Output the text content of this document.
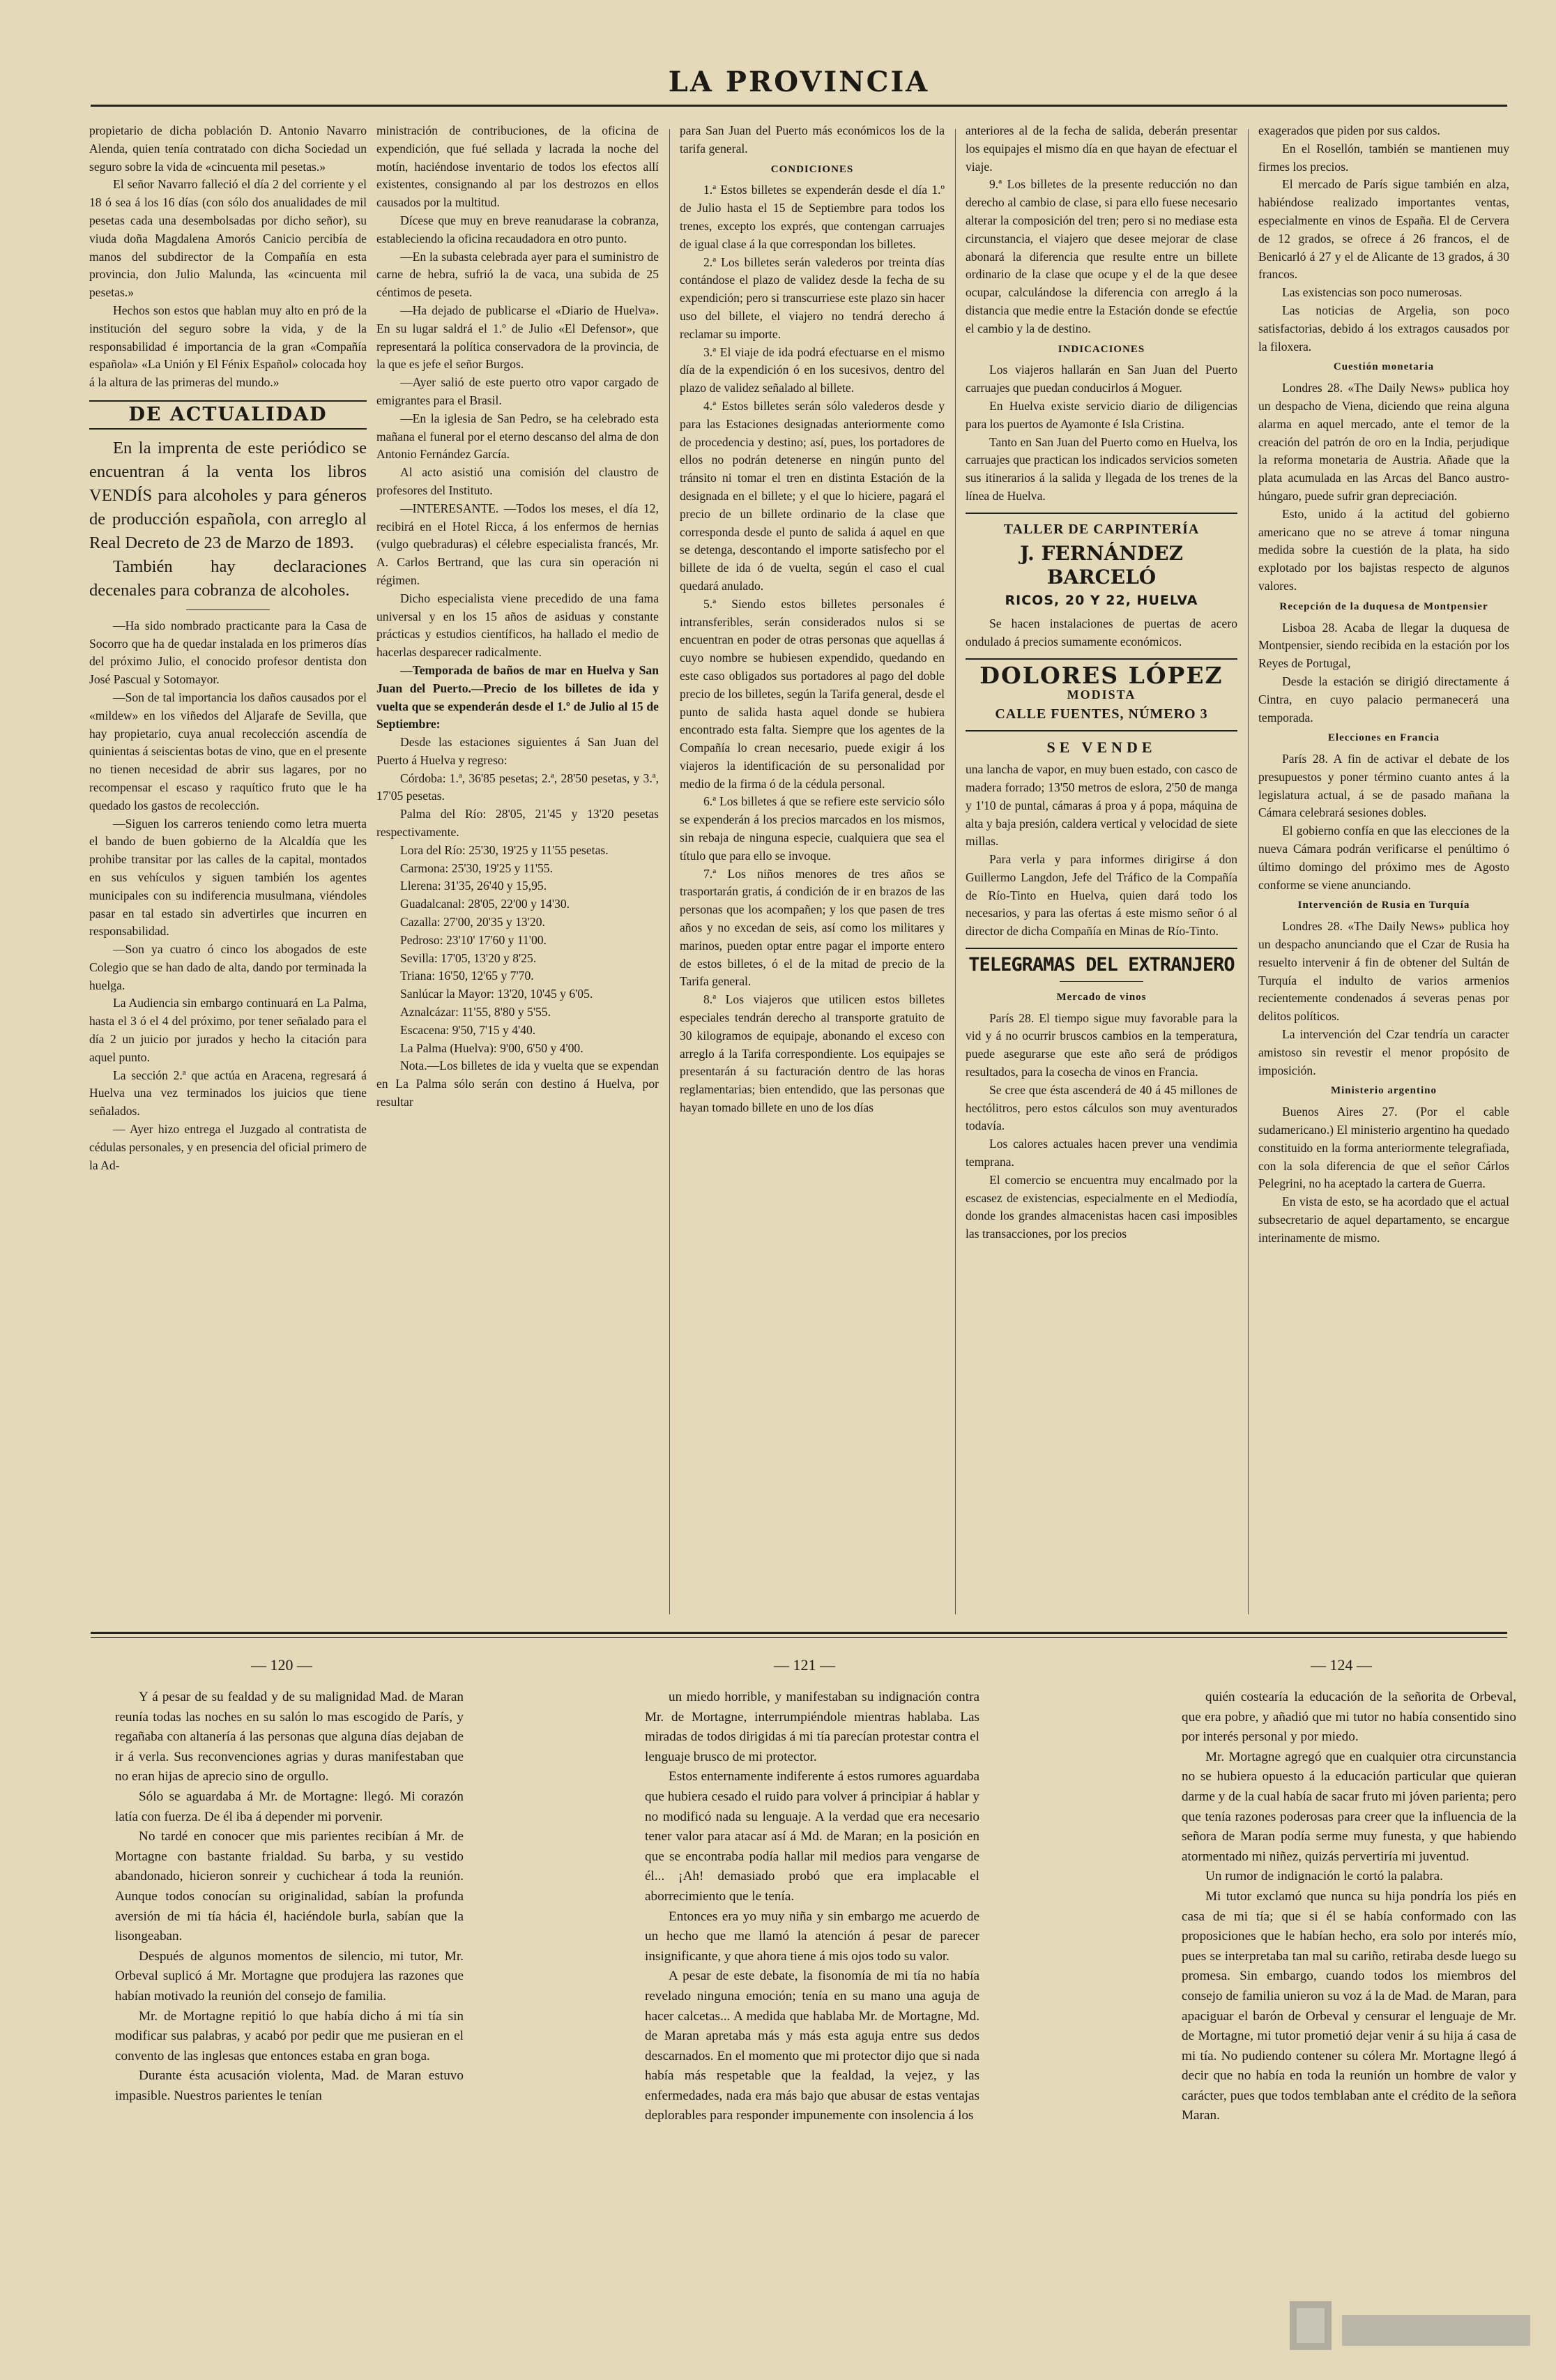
LA PROVINCIA

propietario de dicha población D. Antonio Navarro Alenda, quien tenía contratado con dicha Sociedad un seguro sobre la vida de «cincuenta mil pesetas.»

El señor Navarro falleció el día 2 del corriente y el 18 ó sea á los 16 días (con sólo dos anualidades de mil pesetas cada una desembolsadas por dicho señor), su viuda doña Magdalena Amorós Canicio percibía de manos del subdirector de la Compañía en esta provincia, don Julio Malunda, las «cincuenta mil pesetas.»

Hechos son estos que hablan muy alto en pró de la institución del seguro sobre la vida, y de la responsabilidad é importancia de la gran «Compañía española» «La Unión y El Fénix Español» colocada hoy á la altura de las primeras del mundo.»

DE ACTUALIDAD

En la imprenta de este periódico se encuentran á la venta los libros VENDÍS para alcoholes y para géneros de producción española, con arreglo al Real Decreto de 23 de Marzo de 1893.

También hay declaraciones decenales para cobranza de alcoholes.

—Ha sido nombrado practicante para la Casa de Socorro que ha de quedar instalada en los primeros días del próximo Julio, el conocido profesor dentista don José Pascual y Sotomayor.

—Son de tal importancia los daños causados por el «mildew» en los viñedos del Aljarafe de Sevilla, que hay propietario, cuya anual recolección ascendía de quinientas á seiscientas botas de vino, que en el presente no tienen necesidad de abrir sus lagares, por no recompensar el escaso y raquítico fruto que le ha quedado los gastos de recolección.

—Siguen los carreros teniendo como letra muerta el bando de buen gobierno de la Alcaldía que les prohibe transitar por las calles de la capital, montados en sus vehículos y siguen también los agentes municipales con su indiferencia musulmana, viéndoles pasar en tal estado sin advertirles que incurren en responsabilidad.

—Son ya cuatro ó cinco los abogados de este Colegio que se han dado de alta, dando por terminada la huelga.

La Audiencia sin embargo continuará en La Palma, hasta el 3 ó el 4 del próximo, por tener señalado para el día 2 un juicio por jurados y hecho la citación para aquel punto.

La sección 2.ª que actúa en Aracena, regresará á Huelva una vez terminados los juicios que tiene señalados.

— Ayer hizo entrega el Juzgado al contratista de cédulas personales, y en presencia del oficial primero de la Ad-

ministración de contribuciones, de la oficina de expendición, que fué sellada y lacrada la noche del motín, haciéndose inventario de todos los efectos allí existentes, consignando al par los destrozos en ellos causados por la multitud.

Dícese que muy en breve reanudarase la cobranza, estableciendo la oficina recaudadora en otro punto.

—En la subasta celebrada ayer para el suministro de carne de hebra, sufrió la de vaca, una subida de 25 céntimos de peseta.

—Ha dejado de publicarse el «Diario de Huelva». En su lugar saldrá el 1.º de Julio «El Defensor», que representará la política conservadora de la provincia, de la que es jefe el señor Burgos.

—Ayer salió de este puerto otro vapor cargado de emigrantes para el Brasil.

—En la iglesia de San Pedro, se ha celebrado esta mañana el funeral por el eterno descanso del alma de don Antonio Fernández García.

Al acto asistió una comisión del claustro de profesores del Instituto.

—INTERESANTE. —Todos los meses, el día 12, recibirá en el Hotel Ricca, á los enfermos de hernias (vulgo quebraduras) el célebre especialista francés, Mr. A. Carlos Bertrand, que las cura sin operación ni régimen.

Dicho especialista viene precedido de una fama universal y en los 15 años de asiduas y constante prácticas y estudios científicos, ha hallado el medio de hacerlas desparecer radicalmente.

—Temporada de baños de mar en Huelva y San Juan del Puerto.—Precio de los billetes de ida y vuelta que se expenderán desde el 1.º de Julio al 15 de Septiembre:

Desde las estaciones siguientes á San Juan del Puerto á Huelva y regreso:

Córdoba: 1.ª, 36'85 pesetas; 2.ª, 28'50 pesetas, y 3.ª, 17'05 pesetas.

Palma del Río: 28'05, 21'45 y 13'20 pesetas respectivamente.

Lora del Río: 25'30, 19'25 y 11'55 pesetas.

Carmona: 25'30, 19'25 y 11'55.

Llerena: 31'35, 26'40 y 15,95.

Guadalcanal: 28'05, 22'00 y 14'30.

Cazalla: 27'00, 20'35 y 13'20.

Pedroso: 23'10' 17'60 y 11'00.

Sevilla: 17'05, 13'20 y 8'25.

Triana: 16'50, 12'65 y 7'70.

Sanlúcar la Mayor: 13'20, 10'45 y 6'05.

Aznalcázar: 11'55, 8'80 y 5'55.

Escacena: 9'50, 7'15 y 4'40.

La Palma (Huelva): 9'00, 6'50 y 4'00.

Nota.—Los billetes de ida y vuelta que se expendan en La Palma sólo serán con destino á Huelva, por resultar

para San Juan del Puerto más económicos los de la tarifa general.

CONDICIONES

1.ª Estos billetes se expenderán desde el día 1.º de Julio hasta el 15 de Septiembre para todos los trenes, excepto los exprés, que contengan carruajes de igual clase á la que correspondan los billetes.

2.ª Los billetes serán valederos por treinta días contándose el plazo de validez desde la fecha de su expendición; pero si transcurriese este plazo sin hacer uso del billete, el viajero no tendrá derecho á reclamar su importe.

3.ª El viaje de ida podrá efectuarse en el mismo día de la expendición ó en los sucesivos, dentro del plazo de validez señalado al billete.

4.ª Estos billetes serán sólo valederos desde y para las Estaciones designadas anteriormente como de procedencia y destino; así, pues, los portadores de ellos no podrán detenerse en ningún punto del tránsito ni tomar el tren en distinta Estación de la designada en el billete; y el que lo hiciere, pagará el precio de un billete ordinario de la clase que corresponda desde el punto de salida á aquel en que se detenga, descontando el importe satisfecho por el billete de ida ó de vuelta, según el caso el cual quedará anulado.

5.ª Siendo estos billetes personales é intransferibles, serán considerados nulos si se encuentran en poder de otras personas que aquellas á cuyo nombre se hubiesen expendido, quedando en este caso obligados sus portadores al pago del doble precio de los billetes, según la Tarifa general, desde el punto de salida hasta aquel donde se hubiera encontrado esta falta. Siempre que los agentes de la Compañía lo crean necesario, puede exigir á los viajeros la identificación de su personalidad por medio de la firma ó de la cédula personal.

6.ª Los billetes á que se refiere este servicio sólo se expenderán á los precios marcados en los mismos, sin rebaja de ninguna especie, cualquiera que sea el título que para ello se invoque.

7.ª Los niños menores de tres años se trasportarán gratis, á condición de ir en brazos de las personas que los acompañen; y los que pasen de tres años y no excedan de seis, así como los militares y marinos, pueden optar entre pagar el importe entero de estos billetes, ó el de la mitad de precio de la Tarifa general.

8.ª Los viajeros que utilicen estos billetes especiales tendrán derecho al transporte gratuito de 30 kilogramos de equipaje, abonando el exceso con arreglo á la Tarifa correspondiente. Los equipajes se presentarán á su facturación dentro de las horas reglamentarias; bien entendido, que las personas que hayan tomado billete en uno de los días

anteriores al de la fecha de salida, deberán presentar los equipajes el mismo día en que hayan de efectuar el viaje.

9.ª Los billetes de la presente reducción no dan derecho al cambio de clase, si para ello fuese necesario alterar la composición del tren; pero si no mediase esta circunstancia, el viajero que desee mejorar de clase abonará la diferencia que resulte entre un billete ordinario de la clase que ocupe y el de la que desee ocupar, calculándose la diferencia con arreglo á la distancia que medie entre la Estación donde se efectúe el cambio y la de destino.

INDICACIONES

Los viajeros hallarán en San Juan del Puerto carruajes que puedan conducirlos á Moguer.

En Huelva existe servicio diario de diligencias para los puertos de Ayamonte é Isla Cristina.

Tanto en San Juan del Puerto como en Huelva, los carruajes que practican los indicados servicios someten sus itinerarios á la salida y llegada de los trenes de la línea de Huelva.

TALLER DE CARPINTERÍA
J. FERNÁNDEZ BARCELÓ
RICOS, 20 Y 22, HUELVA

Se hacen instalaciones de puertas de acero ondulado á precios sumamente económicos.

DOLORES LÓPEZ
MODISTA
CALLE FUENTES, NÚMERO 3
SE VENDE

una lancha de vapor, en muy buen estado, con casco de madera forrado; 13'50 metros de eslora, 2'50 de manga y 1'10 de puntal, cámaras á proa y á popa, máquina de alta y baja presión, caldera vertical y velocidad de siete millas.

Para verla y para informes dirigirse á don Guillermo Langdon, Jefe del Tráfico de la Compañía de Río-Tinto en Huelva, quien dará todo los necesarios, y para las ofertas á este mismo señor ó al director de dicha Compañía en Minas de Río-Tinto.

TELEGRAMAS DEL EXTRANJERO
Mercado de vinos

París 28. El tiempo sigue muy favorable para la vid y á no ocurrir bruscos cambios en la temperatura, puede asegurarse que este año será de pródigos resultados, para la cosecha de vinos en Francia.

Se cree que ésta ascenderá de 40 á 45 millones de hectólitros, pero estos cálculos son muy aventurados todavía.

Los calores actuales hacen prever una vendimia temprana.

El comercio se encuentra muy encalmado por la escasez de existencias, especialmente en el Mediodía, donde los grandes almacenistas hacen casi imposibles las transacciones, por los precios

exagerados que piden por sus caldos.

En el Rosellón, también se mantienen muy firmes los precios.

El mercado de París sigue también en alza, habiéndose realizado importantes ventas, especialmente en vinos de España. El de Cervera de 12 grados, se ofrece á 26 francos, el de Benicarló á 27 y el de Alicante de 13 grados, á 30 francos.

Las existencias son poco numerosas.

Las noticias de Argelia, son poco satisfactorias, debido á los extragos causados por la filoxera.

Cuestión monetaria

Londres 28. «The Daily News» publica hoy un despacho de Viena, diciendo que reina alguna alarma en aquel mercado, ante el temor de la creación del patrón de oro en la India, perjudique la reforma monetaria de Austria. Añade que la plata acumulada en las Arcas del Banco austro-húngaro, puede sufrir gran depreciación.

Esto, unido á la actitud del gobierno americano que no se atreve á tomar ninguna medida sobre la cuestión de la plata, ha sido explotado por los bajistas respecto de algunos valores.

Recepción de la duquesa de Montpensier

Lisboa 28. Acaba de llegar la duquesa de Montpensier, siendo recibida en la estación por los Reyes de Portugal,

Desde la estación se dirigió directamente á Cintra, en cuyo palacio permanecerá una temporada.

Elecciones en Francia

París 28. A fin de activar el debate de los presupuestos y poner término cuanto antes á la legislatura actual, á se de pasado mañana la Cámara celebrará sesiones dobles.

El gobierno confía en que las elecciones de la nueva Cámara podrán verificarse el penúltimo ó último domingo del próximo mes de Agosto conforme se viene anunciando.

Intervención de Rusia en Turquía

Londres 28. «The Daily News» publica hoy un despacho anunciando que el Czar de Rusia ha resuelto intervenir á fin de obtener del Sultán de Turquía el indulto de varios armenios recientemente condenados á severas penas por delitos políticos.

La intervención del Czar tendría un caracter amistoso sin revestir el menor propósito de imposición.

Ministerio argentino

Buenos Aires 27. (Por el cable sudamericano.) El ministerio argentino ha quedado constituido en la forma anteriormente telegrafiada, con la sola diferencia de que el señor Cárlos Pelegrini, no ha aceptado la cartera de Guerra.

En vista de esto, se ha acordado que el actual subsecretario de aquel departamento, se encargue interinamente de mismo.

— 120 —	— 121 —	— 124 —

Y á pesar de su fealdad y de su malignidad Mad. de Maran reunía todas las noches en su salón lo mas escogido de París, y regañaba con altanería á las personas que alguna días dejaban de ir á verla. Sus reconvenciones agrias y duras manifestaban que no eran hijas de aprecio sino de orgullo.

Sólo se aguardaba á Mr. de Mortagne: llegó. Mi corazón latía con fuerza. De él iba á depender mi porvenir.

No tardé en conocer que mis parientes recibían á Mr. de Mortagne con bastante frialdad. Su barba, y su vestido abandonado, hicieron sonreir y cuchichear á toda la reunión. Aunque todos conocían su originalidad, sabían la profunda aversión de mi tía hácia él, haciéndole burla, sabían que la lisongeaban.

Después de algunos momentos de silencio, mi tutor, Mr. Orbeval suplicó á Mr. Mortagne que produjera las razones que habían motivado la reunión del consejo de familia.

Mr. de Mortagne repitió lo que había dicho á mi tía sin modificar sus palabras, y acabó por pedir que me pusieran en el convento de las inglesas que entonces estaba en gran boga.

Durante ésta acusación violenta, Mad. de Maran estuvo impasible. Nuestros parientes le tenían

un miedo horrible, y manifestaban su indignación contra Mr. de Mortagne, interrumpiéndole mientras hablaba. Las miradas de todos dirigidas á mi tía parecían protestar contra el lenguaje brusco de mi protector.

Estos enternamente indiferente á estos rumores aguardaba que hubiera cesado el ruido para volver á principiar á hablar y no modificó nada su lenguaje. A la verdad que era necesario tener valor para atacar así á Md. de Maran; en la posición en que se encontraba podía hallar mil medios para vengarse de él... ¡Ah! demasiado probó que era implacable el aborrecimiento que le tenía.

Entonces era yo muy niña y sin embargo me acuerdo de un hecho que me llamó la atención á pesar de parecer insignificante, y que ahora tiene á mis ojos todo su valor.

A pesar de este debate, la fisonomía de mi tía no había revelado ninguna emoción; tenía en su mano una aguja de hacer calcetas... A medida que hablaba Mr. de Mortagne, Md. de Maran apretaba más y más esta aguja entre sus dedos descarnados. En el momento que mi protector dijo que si nada había más respetable que la fealdad, la vejez, y las enfermedades, nada era más bajo que abusar de estas ventajas deplorables para responder impunemente con insolencia á los

quién costearía la educación de la señorita de Orbeval, que era pobre, y añadió que mi tutor no había consentido sino por interés personal y por miedo.

Mr. Mortagne agregó que en cualquier otra circunstancia no se hubiera opuesto á la educación particular que quieran darme y de la cual había de sacar fruto mi jóven parienta; pero que tenía razones poderosas para creer que la influencia de la señora de Maran podía serme muy funesta, y que habiendo atormentado mi niñez, quizás pervertiría mi juventud.

Un rumor de indignación le cortó la palabra.

Mi tutor exclamó que nunca su hija pondría los piés en casa de mi tía; que si él se había conformado con las proposiciones que le habían hecho, era solo por interés mío, pues se interpretaba tan mal su cariño, retiraba desde luego su promesa. Sin embargo, cuando todos los miembros del consejo de familia unieron su voz á la de Mad. de Maran, para apaciguar el barón de Orbeval y censurar el lenguaje de Mr. de Mortagne, mi tutor prometió dejar venir á su hija á casa de mi tía. No pudiendo contener su cólera Mr. Mortagne llegó á decir que no había en toda la reunión un hombre de valor y carácter, pues que todos temblaban ante el crédito de la señora Maran.
